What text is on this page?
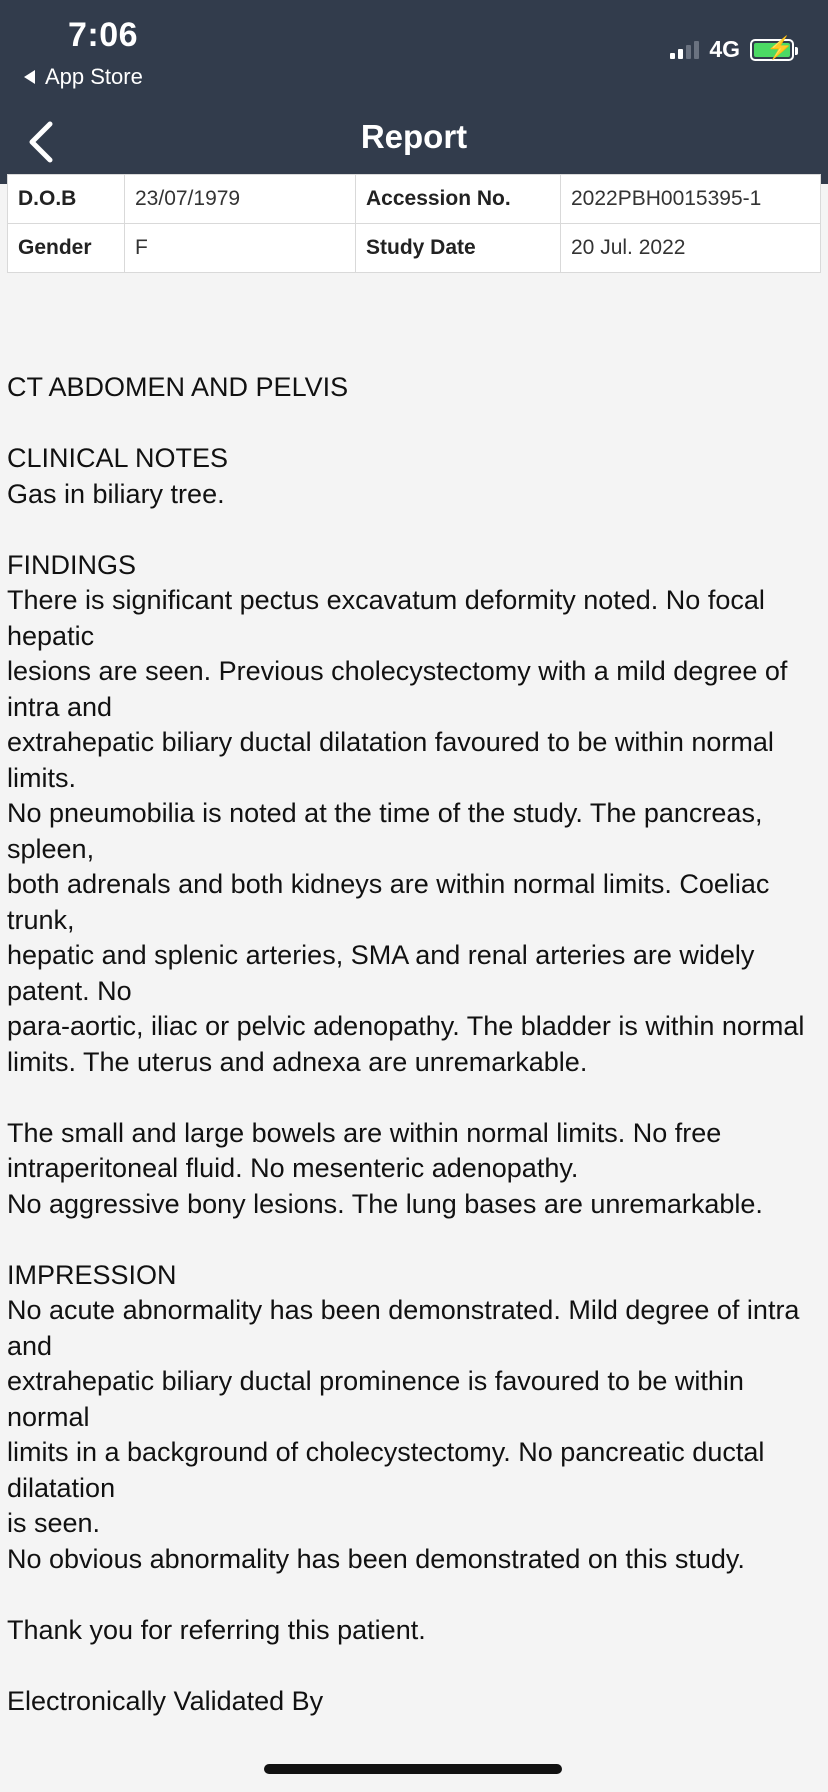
7:06
App Store
4G ⚡
Report
D.O.B	23/07/1979	Accession No.	2022PBH0015395-1
Gender	F	Study Date	20 Jul. 2022

CT ABDOMEN AND PELVIS

CLINICAL NOTES

Gas in biliary tree.

FINDINGS

There is significant pectus excavatum deformity noted. No focal hepatic

lesions are seen. Previous cholecystectomy with a mild degree of intra and

extrahepatic biliary ductal dilatation favoured to be within normal limits.

No pneumobilia is noted at the time of the study. The pancreas, spleen,

both adrenals and both kidneys are within normal limits. Coeliac trunk,

hepatic and splenic arteries, SMA and renal arteries are widely patent. No

para-aortic, iliac or pelvic adenopathy. The bladder is within normal

limits. The uterus and adnexa are unremarkable.

The small and large bowels are within normal limits. No free intraperitoneal fluid. No mesenteric adenopathy.

No aggressive bony lesions. The lung bases are unremarkable.

IMPRESSION

No acute abnormality has been demonstrated. Mild degree of intra and

extrahepatic biliary ductal prominence is favoured to be within normal

limits in a background of cholecystectomy. No pancreatic ductal dilatation

is seen.

No obvious abnormality has been demonstrated on this study.

Thank you for referring this patient.

Electronically Validated By
